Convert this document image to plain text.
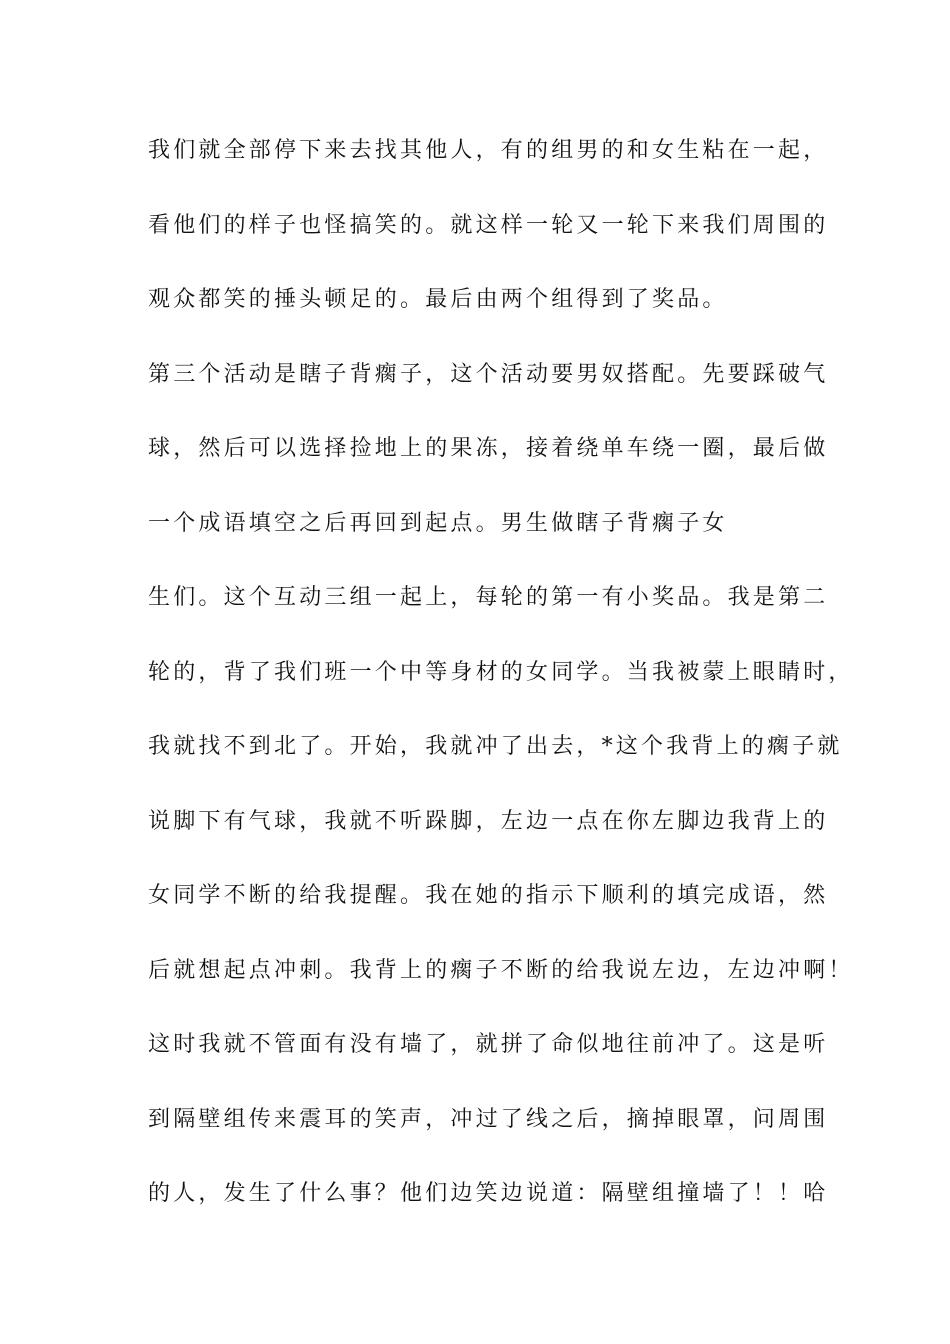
我们就全部停下来去找其他人，有的组男的和女生粘在一起，

看他们的样子也怪搞笑的。就这样一轮又一轮下来我们周围的

观众都笑的捶头顿足的。最后由两个组得到了奖品。

第三个活动是瞎子背瘸子，这个活动要男奴搭配。先要踩破气

球，然后可以选择捡地上的果冻，接着绕单车绕一圈，最后做

一个成语填空之后再回到起点。男生做瞎子背瘸子女

生们。这个互动三组一起上，每轮的第一有小奖品。我是第二

轮的，背了我们班一个中等身材的女同学。当我被蒙上眼睛时，

我就找不到北了。开始，我就冲了出去，*这个我背上的瘸子就

说脚下有气球，我就不听跺脚，左边一点在你左脚边我背上的

女同学不断的给我提醒。我在她的指示下顺利的填完成语，然

后就想起点冲刺。我背上的瘸子不断的给我说左边，左边冲啊！

这时我就不管面有没有墙了，就拼了命似地往前冲了。这是听

到隔壁组传来震耳的笑声，冲过了线之后，摘掉眼罩，问周围

的人，发生了什么事？他们边笑边说道：隔壁组撞墙了！！哈
